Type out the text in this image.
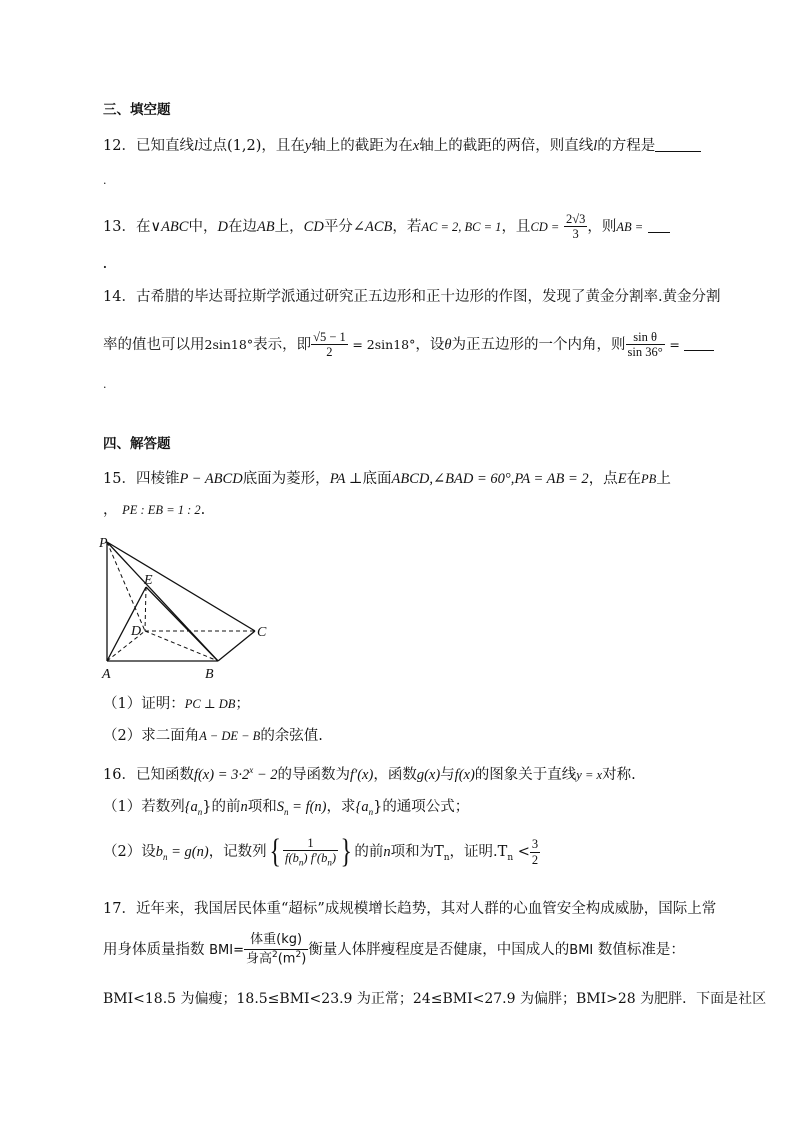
三、填空题
12．已知直线l过点(1,2)，且在y轴上的截距为在x轴上的截距的两倍，则直线l的方程是
.
13．在∨ABC中，D在边AB上，CD平分∠ACB，若AC = 2, BC = 1，且CD = $\frac{2√3}{3}$ ，则AB =
.
14．古希腊的毕达哥拉斯学派通过研究正五边形和正十边形的作图，发现了黄金分割率.黄金分割
率的值也可以用2sin18°表示，即 $\frac{√5 - 1}{2} = 2\sin 18^\circ$，设θ为正五边形的一个内角，则 $\frac{\text{sin θ}}{\sin 36^\circ}$ =
.
四、解答题
15．四棱锥P − ABCD底面为菱形，PA ⊥底面ABCD,∠BAD = 60°,PA = AB = 2，点E在PB上
， PE : EB = 1 : 2.
P
E
D	C
A	B
（1）证明：PC ⊥ DB；
（2）求二面角A − DE − B的余弦值.
16．已知函数$f(x) = 3\cdot 2^x - 2$的导函数为f′(x)，函数g(x)与f(x)的图象关于直线y = x对称.
（1）若数列$\{a_n\}$的前n项和$S_n = f(n)$，求$\{a_n\}$的通项公式；
（2）设$b_n = g(n)$，记数列{ $\frac{1}{f(b_n) f'(b_n)}$ } 的前n项和为$T_n$，证明$.T_n < \frac{3}{2}$
17．近年来，我国居民体重“超标”成规模增长趋势，其对人群的心血管安全构成威胁，国际上常
用身体质量指数 $BMI= \frac{\text{体重(kg)}}{身高^2(m^2)}$ 衡量人体胖瘦程度是否健康，中国成人的BMI 数值标准是：
BMI<18.5 为偏瘦；18.5≤BMI<23.9 为正常；24≤BMI<27.9 为偏胖；BMI>28 为肥胖．下面是社区
